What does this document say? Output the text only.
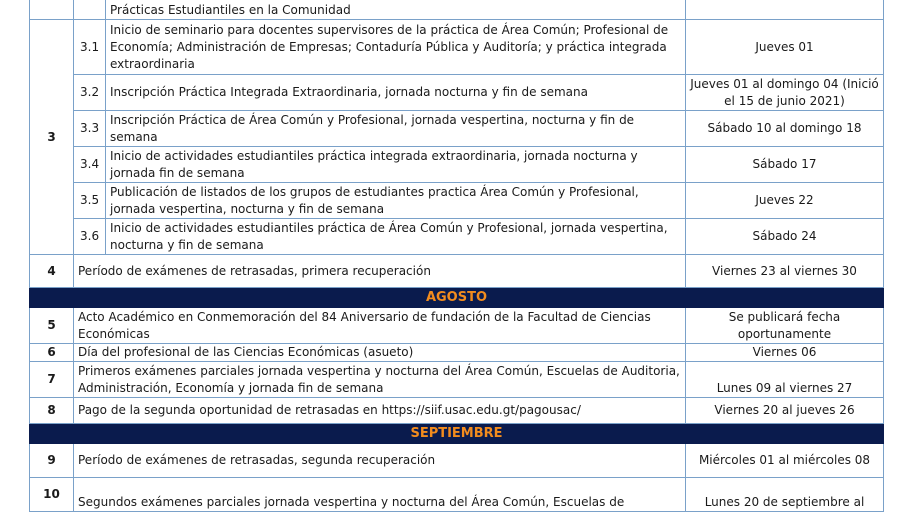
		Prácticas Estudiantiles en la Comunidad	
3	3.1	Inicio de seminario para docentes supervisores de la práctica de Área Común; Profesional de Economía; Administración de Empresas; Contaduría Pública y Auditoría; y práctica integrada extraordinaria	Jueves 01
	3.2	Inscripción Práctica Integrada Extraordinaria, jornada nocturna y fin de semana	Jueves 01 al domingo 04 (Inició el 15 de junio 2021)
	3.3	Inscripción Práctica de Área Común y Profesional, jornada vespertina, nocturna y fin de semana	Sábado 10 al domingo 18
	3.4	Inicio de actividades estudiantiles práctica integrada extraordinaria, jornada nocturna y jornada fin de semana	Sábado 17
	3.5	Publicación de listados de los grupos de estudiantes practica Área Común y Profesional, jornada vespertina, nocturna y fin de semana	Jueves 22
	3.6	Inicio de actividades estudiantiles práctica de Área Común y Profesional, jornada vespertina, nocturna y fin de semana	Sábado 24
4	Período de exámenes de retrasadas, primera recuperación		Viernes 23 al viernes 30
AGOSTO			
5	Acto Académico en Conmemoración del 84 Aniversario de fundación de la Facultad de Ciencias Económicas		Se publicará fecha oportunamente
6	Día del profesional de las Ciencias Económicas (asueto)		Viernes 06
7	Primeros exámenes parciales jornada vespertina y nocturna del Área Común, Escuelas de Auditoria, Administración, Economía y jornada fin de semana		Lunes 09 al viernes 27
8	Pago de la segunda oportunidad de retrasadas en https://siif.usac.edu.gt/pagousac/		Viernes 20 al jueves 26
SEPTIEMBRE			
9	Período de exámenes de retrasadas, segunda recuperación		Miércoles 01 al miércoles 08
10	Segundos exámenes parciales jornada vespertina y nocturna del Área Común, Escuelas de		Lunes 20 de septiembre al
